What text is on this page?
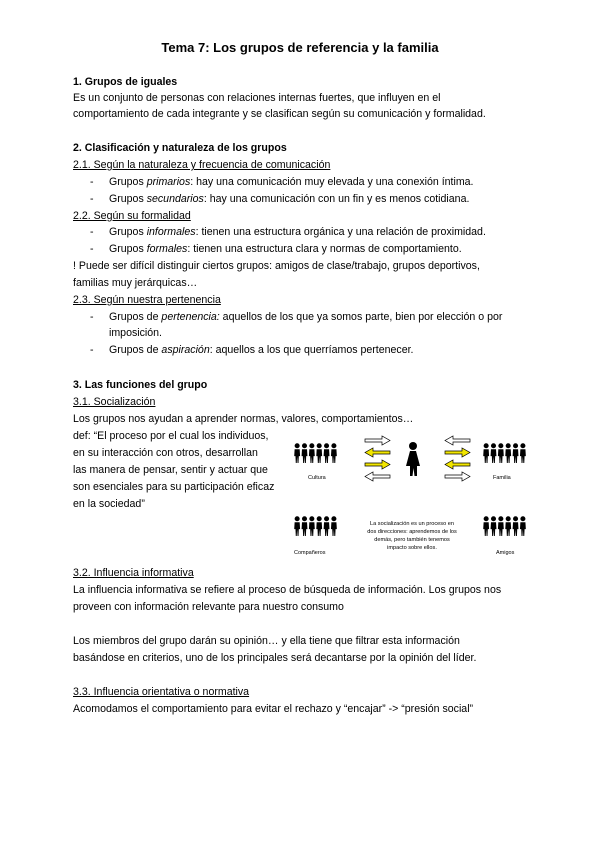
Tema 7: Los grupos de referencia y la familia
1. Grupos de iguales
Es un conjunto de personas con relaciones internas fuertes, que influyen en el
comportamiento de cada integrante y se clasifican según su comunicación y formalidad.
2. Clasificación y naturaleza de los grupos
2.1. Según la naturaleza y frecuencia de comunicación
- Grupos primarios: hay una comunicación muy elevada y una conexión íntima.
- Grupos secundarios: hay una comunicación con un fin y es menos cotidiana.
2.2. Según su formalidad
- Grupos informales: tienen una estructura orgánica y una relación de proximidad.
- Grupos formales: tienen una estructura clara y normas de comportamiento.
! Puede ser difícil distinguir ciertos grupos: amigos de clase/trabajo, grupos deportivos,
familias muy jerárquicas…
2.3. Según nuestra pertenencia
- Grupos de pertenencia: aquellos de los que ya somos parte, bien por elección o por
imposición.
- Grupos de aspiración: aquellos a los que querríamos pertenecer.
3. Las funciones del grupo
3.1. Socialización
Los grupos nos ayudan a aprender normas, valores, comportamientos…
def: “El proceso por el cual los individuos,
en su interacción con otros, desarrollan
las manera de pensar, sentir y actuar que
son esenciales para su participación eficaz
en la sociedad”
Cultura	Familia
Compañeros	Amigos
La socialización es un proceso en
dos direcciones: aprendemos de los
demás, pero también tenemos
impacto sobre ellos.
3.2. Influencia informativa
La influencia informativa se refiere al proceso de búsqueda de información. Los grupos nos
proveen con información relevante para nuestro consumo
Los miembros del grupo darán su opinión… y ella tiene que filtrar esta información
basándose en criterios, uno de los principales será decantarse por la opinión del líder.
3.3. Influencia orientativa o normativa
Acomodamos el comportamiento para evitar el rechazo y “encajar” -> “presión social”
